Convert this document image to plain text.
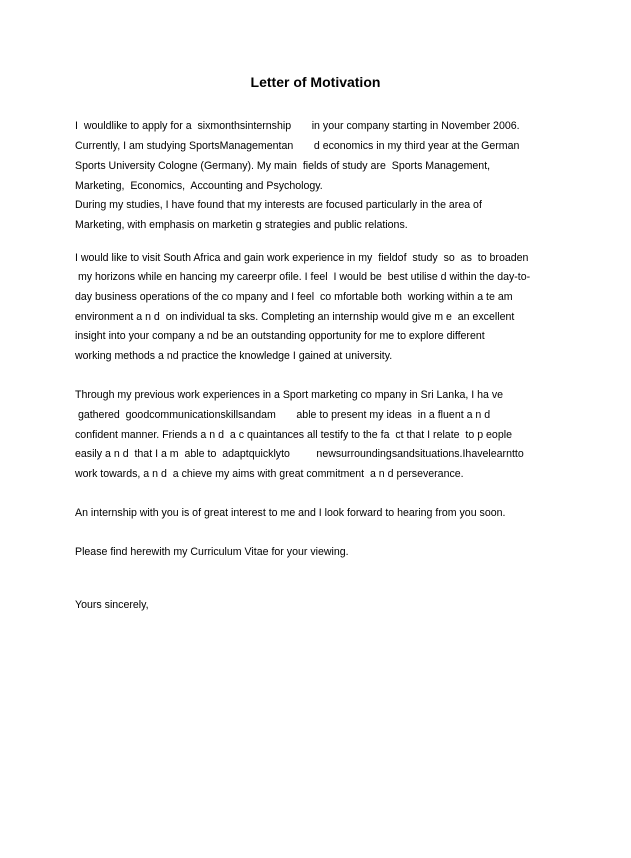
Letter of Motivation
I  wouldlike to apply for a  sixmonthsinternship       in your company starting in November 2006.
Currently, I am studying SportsManagementan       d economics in my third year at the German
Sports University Cologne (Germany). My main  fields of study are  Sports Management,
Marketing,  Economics,  Accounting and Psychology.
During my studies, I have found that my interests are focused particularly in the area of
Marketing, with emphasis on marketin g strategies and public relations.
I would like to visit South Africa and gain work experience in my  fieldof  study  so  as  to broaden
my horizons while en hancing my careerpr ofile. I feel  I would be  best utilise d within the day-to-
day business operations of the co mpany and I feel  co mfortable both  working within a te am
environment a n d  on individual ta sks. Completing an internship would give m e  an excellent
insight into your company a nd be an outstanding opportunity for me to explore different
working methods a nd practice the knowledge I gained at university.
Through my previous work experiences in a Sport marketing co mpany in Sri Lanka, I ha ve
gathered  goodcommunicationskillsandam       able to present my ideas  in a fluent a n d
confident manner. Friends a n d  a c quaintances all testify to the fa  ct that I relate  to p eople
easily a n d  that I a m  able to  adaptquicklyto         newsurroundingsandsituations.Ihavelearntto
work towards, a n d  a chieve my aims with great commitment  a n d perseverance.
An internship with you is of great interest to me and I look forward to hearing from you soon.
Please find herewith my Curriculum Vitae for your viewing.
Yours sincerely,
